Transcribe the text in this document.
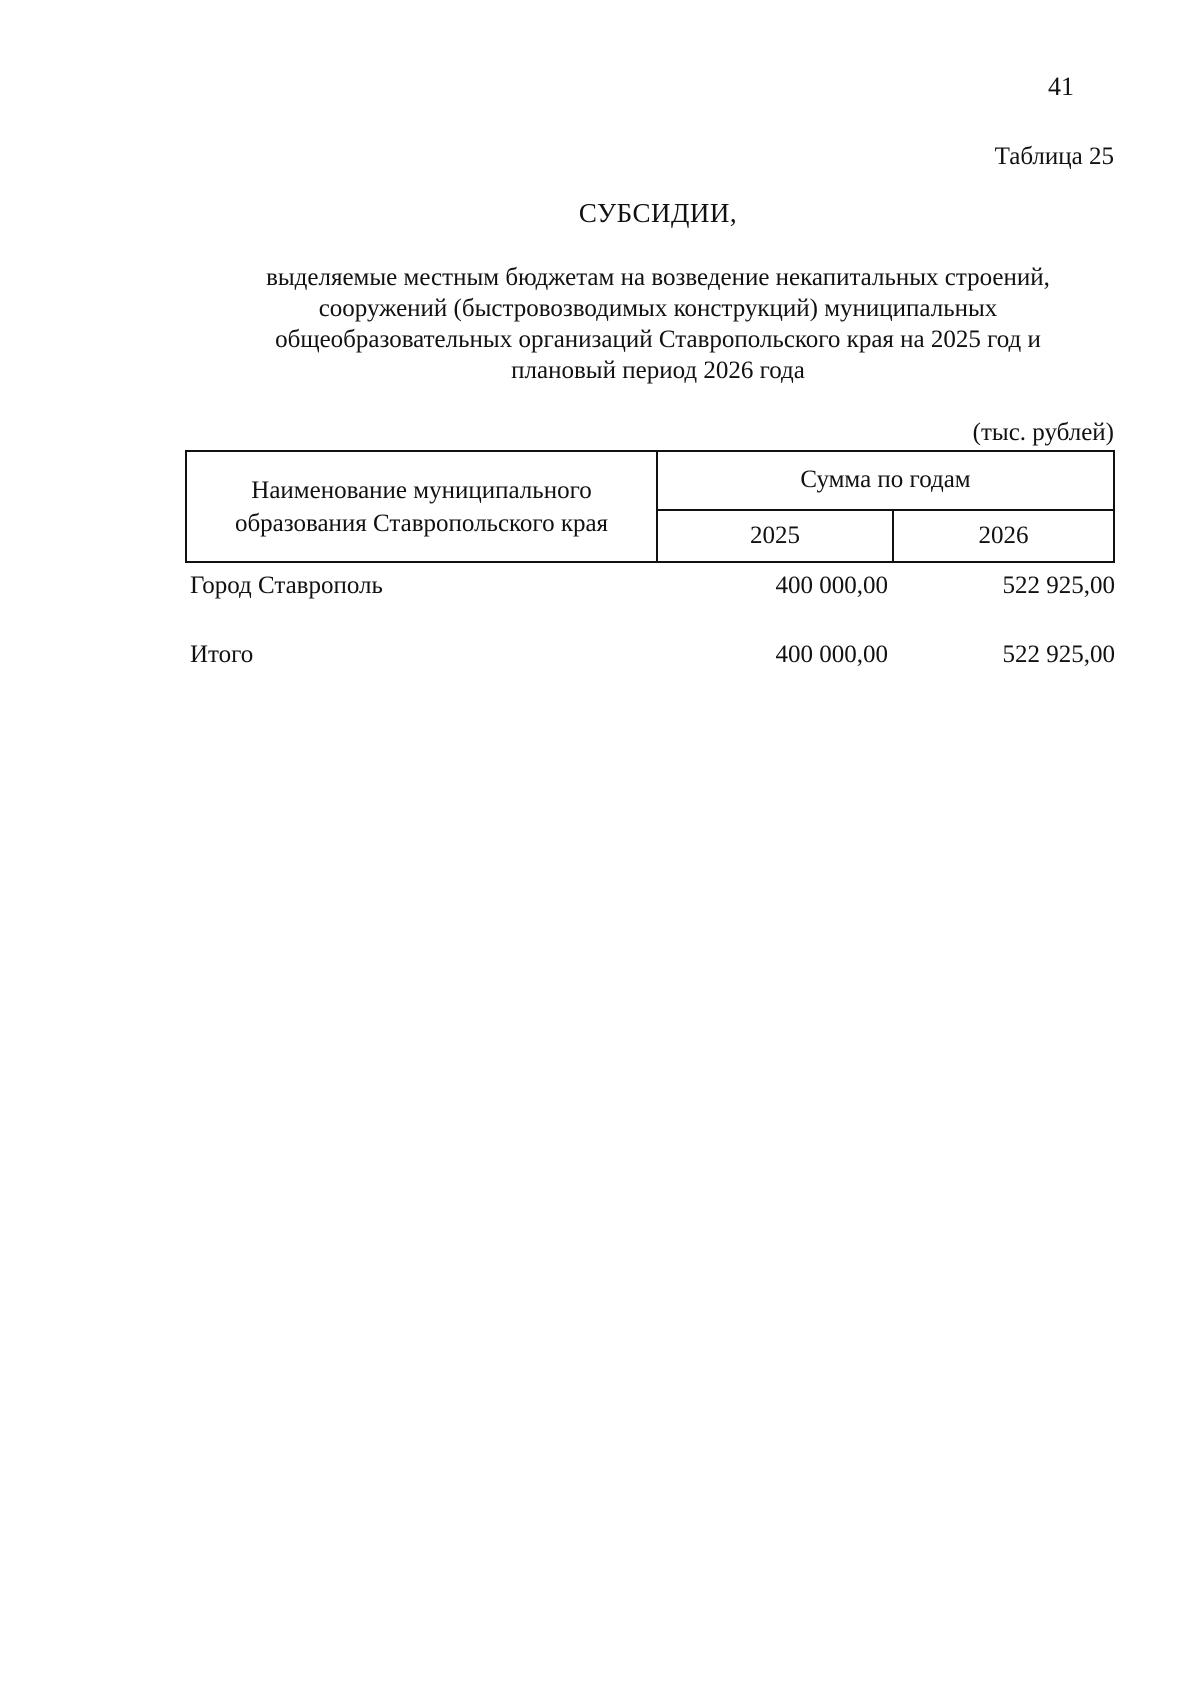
41
Таблица 25
СУБСИДИИ,
выделяемые местным бюджетам на возведение некапитальных строений,
сооружений (быстровозводимых конструкций) муниципальных
общеобразовательных организаций Ставропольского края на 2025 год и
плановый период 2026 года
(тыс. рублей)
Наименование муниципального
образования Ставропольского края
Сумма по годам
2025	2026
Город Ставрополь	400 000,00	522 925,00
Итого	400 000,00	522 925,00
